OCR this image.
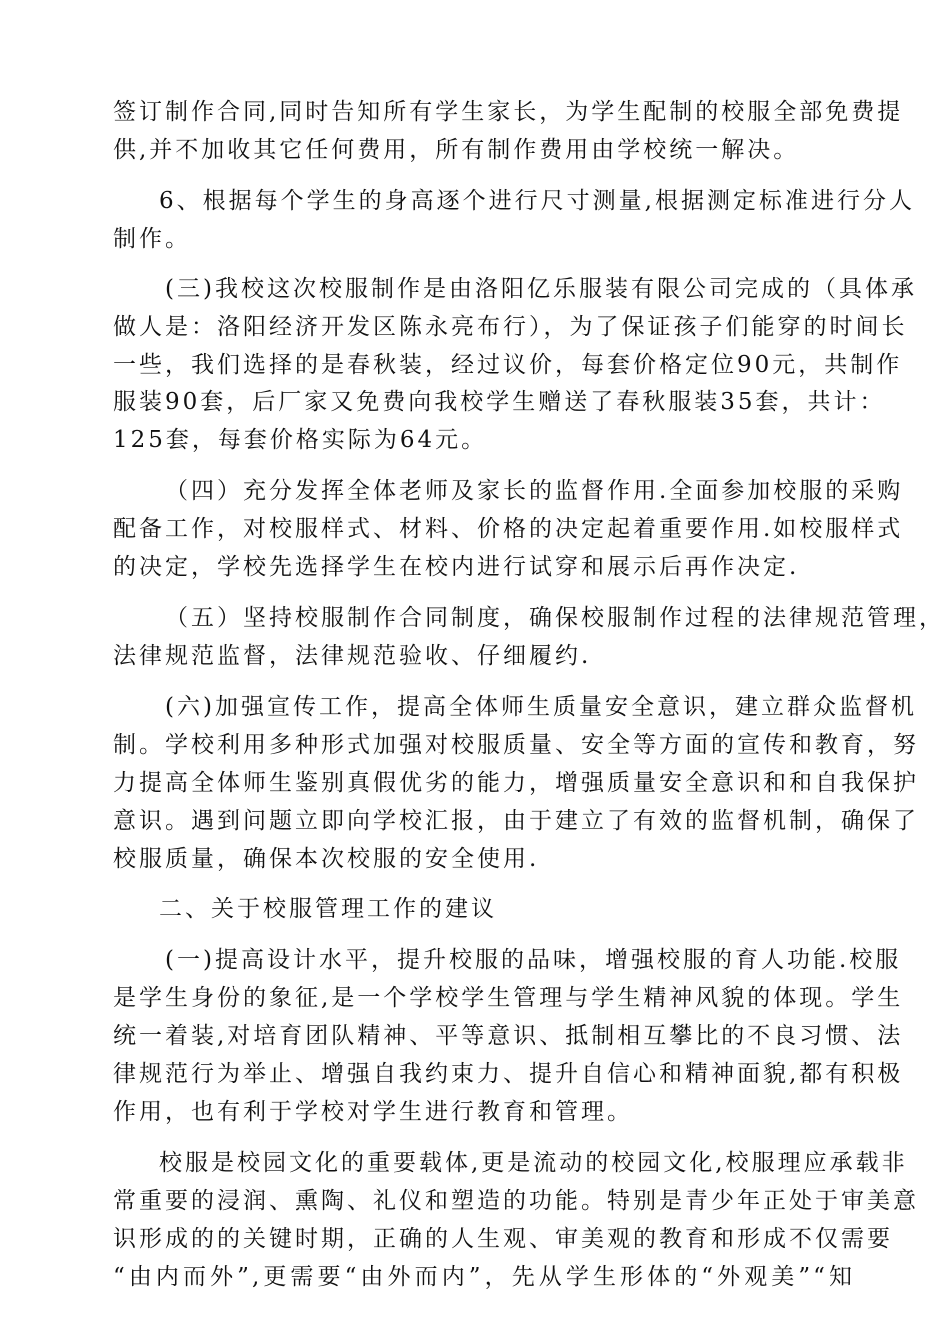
签订制作合同,同时告知所有学生家长，为学生配制的校服全部免费提
供,并不加收其它任何费用，所有制作费用由学校统一解决。
6、根据每个学生的身高逐个进行尺寸测量,根据测定标准进行分人
制作。
(三)我校这次校服制作是由洛阳亿乐服装有限公司完成的（具体承
做人是：洛阳经济开发区陈永亮布行），为了保证孩子们能穿的时间长
一些，我们选择的是春秋装，经过议价，每套价格定位90元，共制作
服装90套，后厂家又免费向我校学生赠送了春秋服装35套，共计：
125套，每套价格实际为64元。
（四）充分发挥全体老师及家长的监督作用.全面参加校服的采购
配备工作，对校服样式、材料、价格的决定起着重要作用.如校服样式
的决定，学校先选择学生在校内进行试穿和展示后再作决定.
（五）坚持校服制作合同制度，确保校服制作过程的法律规范管理，
法律规范监督，法律规范验收、仔细履约.
(六)加强宣传工作，提高全体师生质量安全意识，建立群众监督机
制。学校利用多种形式加强对校服质量、安全等方面的宣传和教育，努
力提高全体师生鉴别真假优劣的能力，增强质量安全意识和和自我保护
意识。遇到问题立即向学校汇报，由于建立了有效的监督机制，确保了
校服质量，确保本次校服的安全使用.
二、关于校服管理工作的建议
(一)提高设计水平，提升校服的品味，增强校服的育人功能.校服
是学生身份的象征,是一个学校学生管理与学生精神风貌的体现。学生
统一着装,对培育团队精神、平等意识、抵制相互攀比的不良习惯、法
律规范行为举止、增强自我约束力、提升自信心和精神面貌,都有积极
作用，也有利于学校对学生进行教育和管理。
校服是校园文化的重要载体,更是流动的校园文化,校服理应承载非
常重要的浸润、熏陶、礼仪和塑造的功能。特别是青少年正处于审美意
识形成的的关键时期，正确的人生观、审美观的教育和形成不仅需要
“由内而外”,更需要“由外而内”，先从学生形体的“外观美”“知
